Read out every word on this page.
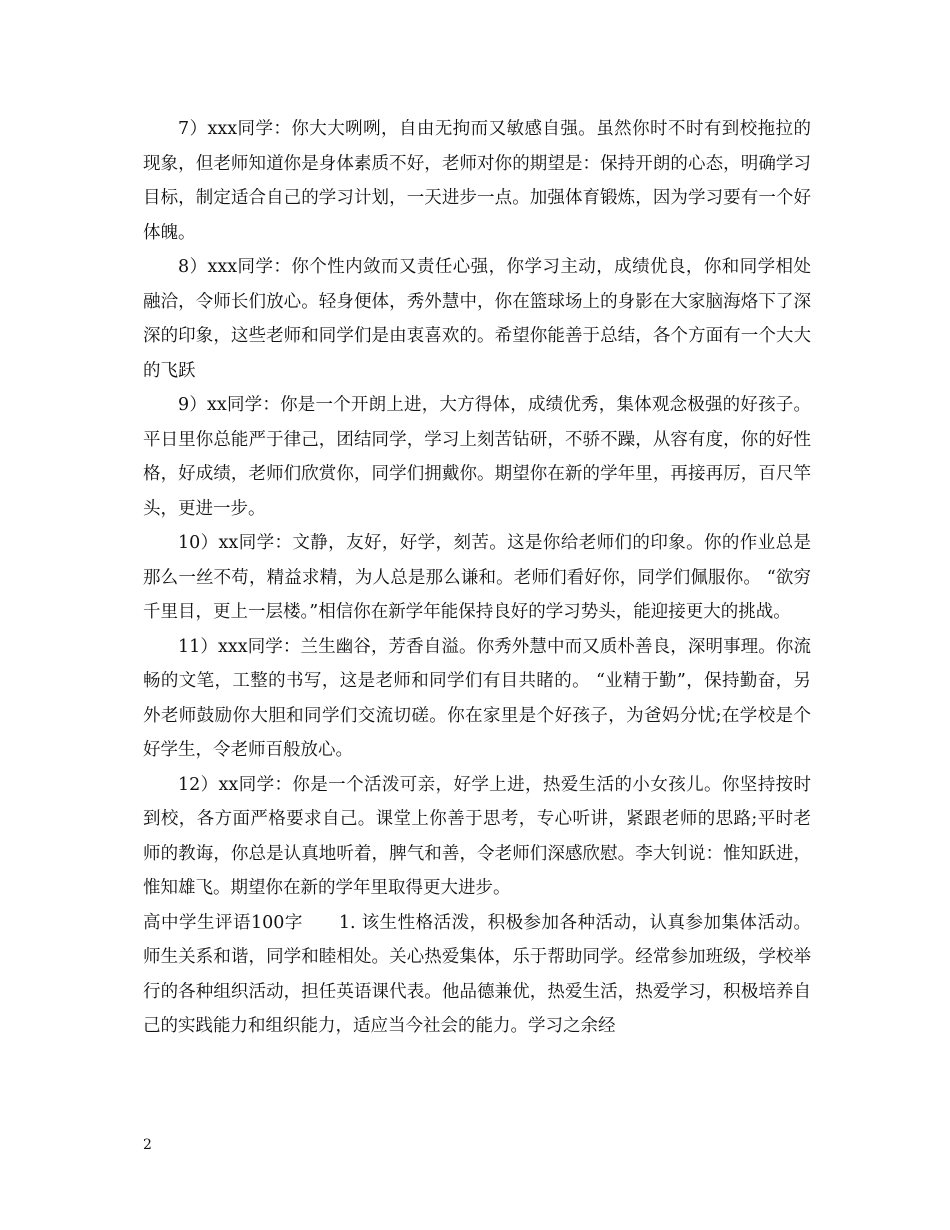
7）xxx同学：你大大咧咧，自由无拘而又敏感自强。虽然你时不时有到校拖拉的现象，但老师知道你是身体素质不好，老师对你的期望是：保持开朗的心态，明确学习目标，制定适合自己的学习计划，一天进步一点。加强体育锻炼，因为学习要有一个好体魄。

8）xxx同学：你个性内敛而又责任心强，你学习主动，成绩优良，你和同学相处融洽，令师长们放心。轻身便体，秀外慧中，你在篮球场上的身影在大家脑海烙下了深深的印象，这些老师和同学们是由衷喜欢的。希望你能善于总结，各个方面有一个大大的飞跃

9）xx同学：你是一个开朗上进，大方得体，成绩优秀，集体观念极强的好孩子。平日里你总能严于律己，团结同学，学习上刻苦钻研，不骄不躁，从容有度，你的好性格，好成绩，老师们欣赏你，同学们拥戴你。期望你在新的学年里，再接再厉，百尺竿头，更进一步。

10）xx同学：文静，友好，好学，刻苦。这是你给老师们的印象。你的作业总是那么一丝不苟，精益求精，为人总是那么谦和。老师们看好你，同学们佩服你。 “欲穷千里目，更上一层楼。”相信你在新学年能保持良好的学习势头，能迎接更大的挑战。

11）xxx同学：兰生幽谷，芳香自溢。你秀外慧中而又质朴善良，深明事理。你流畅的文笔，工整的书写，这是老师和同学们有目共睹的。 “业精于勤”，保持勤奋，另外老师鼓励你大胆和同学们交流切磋。你在家里是个好孩子，为爸妈分忧;在学校是个好学生，令老师百般放心。

12）xx同学：你是一个活泼可亲，好学上进，热爱生活的小女孩儿。你坚持按时到校，各方面严格要求自己。课堂上你善于思考，专心听讲，紧跟老师的思路;平时老师的教诲，你总是认真地听着，脾气和善，令老师们深感欣慰。李大钊说：惟知跃进，惟知雄飞。期望你在新的学年里取得更大进步。

高中学生评语100字　　1. 该生性格活泼，积极参加各种活动，认真参加集体活动。师生关系和谐，同学和睦相处。关心热爱集体，乐于帮助同学。经常参加班级，学校举行的各种组织活动，担任英语课代表。他品德兼优，热爱生活，热爱学习，积极培养自己的实践能力和组织能力，适应当今社会的能力。学习之余经

2
